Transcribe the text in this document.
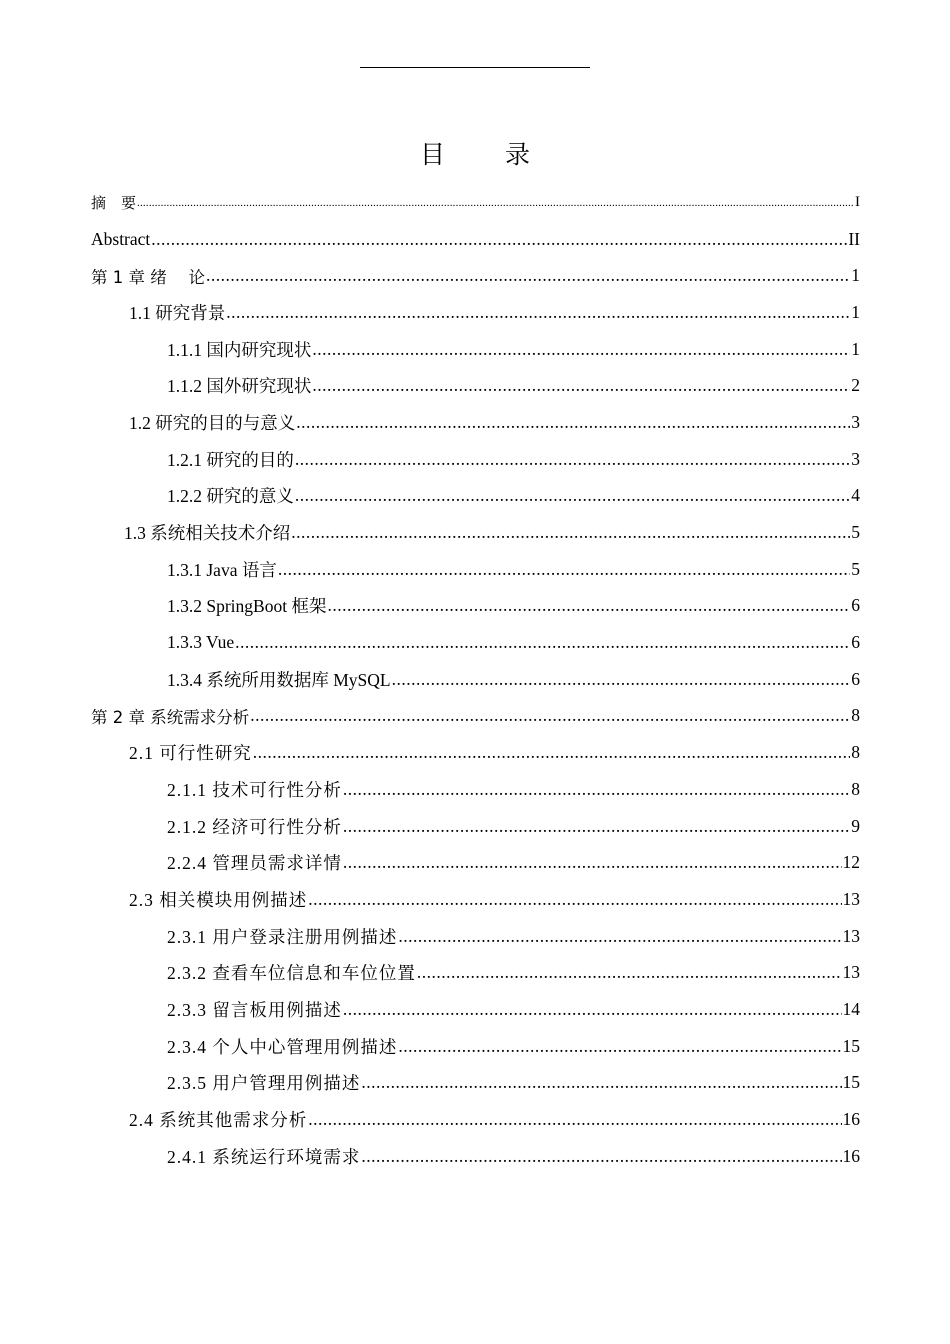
目 录
摘　要 .....	I
Abstract .....	II
第 1 章 绪　 论 .....	1
1.1 研究背景 .....	1
1.1.1 国内研究现状 .....	1
1.1.2 国外研究现状 .....	2
1.2 研究的目的与意义 .....	3
1.2.1 研究的目的 .....	3
1.2.2 研究的意义 .....	4
1.3 系统相关技术介绍 .....	5
1.3.1 Java 语言 .....	5
1.3.2 SpringBoot 框架 .....	6
1.3.3 Vue .....	6
1.3.4 系统所用数据库 MySQL .....	6
第 2 章 系统需求分析 .....	8
2.1 可行性研究 .....	8
2.1.1 技术可行性分析 .....	8
2.1.2 经济可行性分析 .....	9
2.2.4 管理员需求详情 .....	12
2.3 相关模块用例描述 .....	13
2.3.1 用户登录注册用例描述 .....	13
2.3.2 查看车位信息和车位位置 .....	13
2.3.3 留言板用例描述 .....	14
2.3.4 个人中心管理用例描述 .....	15
2.3.5 用户管理用例描述 .....	15
2.4 系统其他需求分析 .....	16
2.4.1 系统运行环境需求 .....	16
